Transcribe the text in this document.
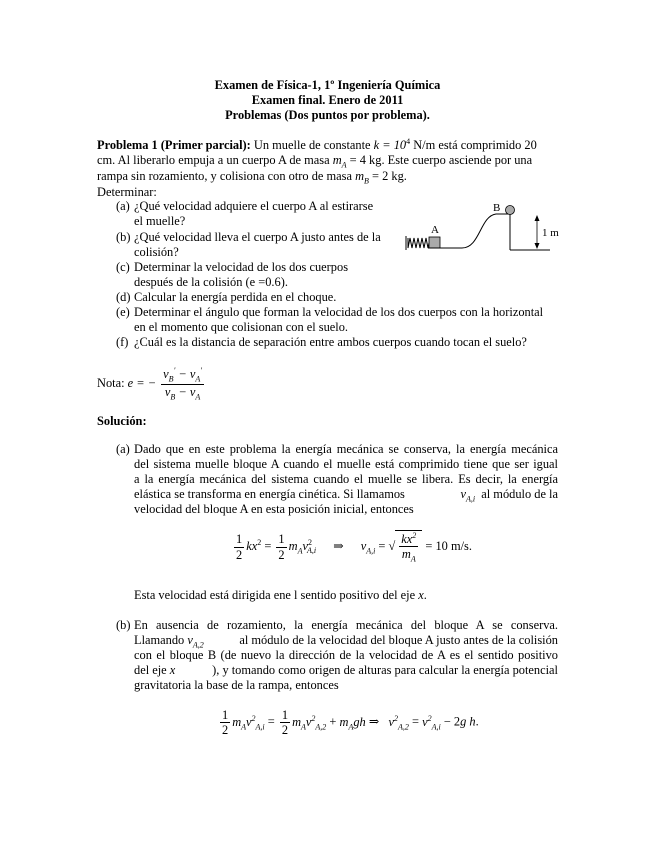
Examen de Física-1, 1º Ingeniería Química
Examen final. Enero de 2011
Problemas (Dos puntos por problema).
Problema 1 (Primer parcial): Un muelle de constante $k = 10^4$ N/m está comprimido 20
cm. Al liberarlo empuja a un cuerpo A de masa $m_A = 4$ kg. Este cuerpo asciende por una
rampa sin rozamiento, y colisiona con otro de masa $m_B = 2$ kg.
Determinar:
(a) ¿Qué velocidad adquiere el cuerpo A al estirarse
el muelle?
(b) ¿Qué velocidad lleva el cuerpo A justo antes de la
colisión?
(c) Determinar la velocidad de los dos cuerpos
después de la colisión (e =0.6).
(d) Calcular la energía perdida en el choque.
(e) Determinar el ángulo que forman la velocidad de los dos cuerpos con la horizontal
en el momento que colisionan con el suelo.
(f) ¿Cuál es la distancia de separación entre ambos cuerpos cuando tocan el suelo?
A
B
1 m
Nota: e = − $\frac{v_B' - v_A'}{v_B - v_A}$
Solución:
(a) Dado que en este problema la energía mecánica se conserva, la energía mecánica
del sistema muelle bloque A cuando el muelle está comprimido tiene que ser igual
a la energía mecánica del sistema cuando el muelle se libera. Es decir, la energía
elástica se transforma en energía cinética. Si llamamos	$v_{A,i}$ al módulo de la
velocidad del bloque A en esta posición inicial, entonces
$\frac{1}{2} kx^2 = \frac{1}{2} m_Av^2_{A,i}$ ⇒ $v_{A,i}$ = √ $\frac{kx^2}{m_A} = 10$ m/s.
Esta velocidad está dirigida ene l sentido positivo del eje x.
(b) En ausencia de rozamiento, la energía mecánica del bloque A se conserva.
Llamando $v_{A,2}$	al módulo de la velocidad del bloque A justo antes de la colisión
con el bloque B (de nuevo la dirección de la velocidad de A es el sentido positivo
del eje x	), y tomando como origen de alturas para calcular la energía potencial
gravitatoria la base de la rampa, entonces
$\frac{1}{2} m_Av^2_{A,i} = \frac{1}{2} m_Av^2_{A,2} + m_Agh$ ⇒   $v^2_{A,2} = v^2_{A,i} - 2g$ h.
